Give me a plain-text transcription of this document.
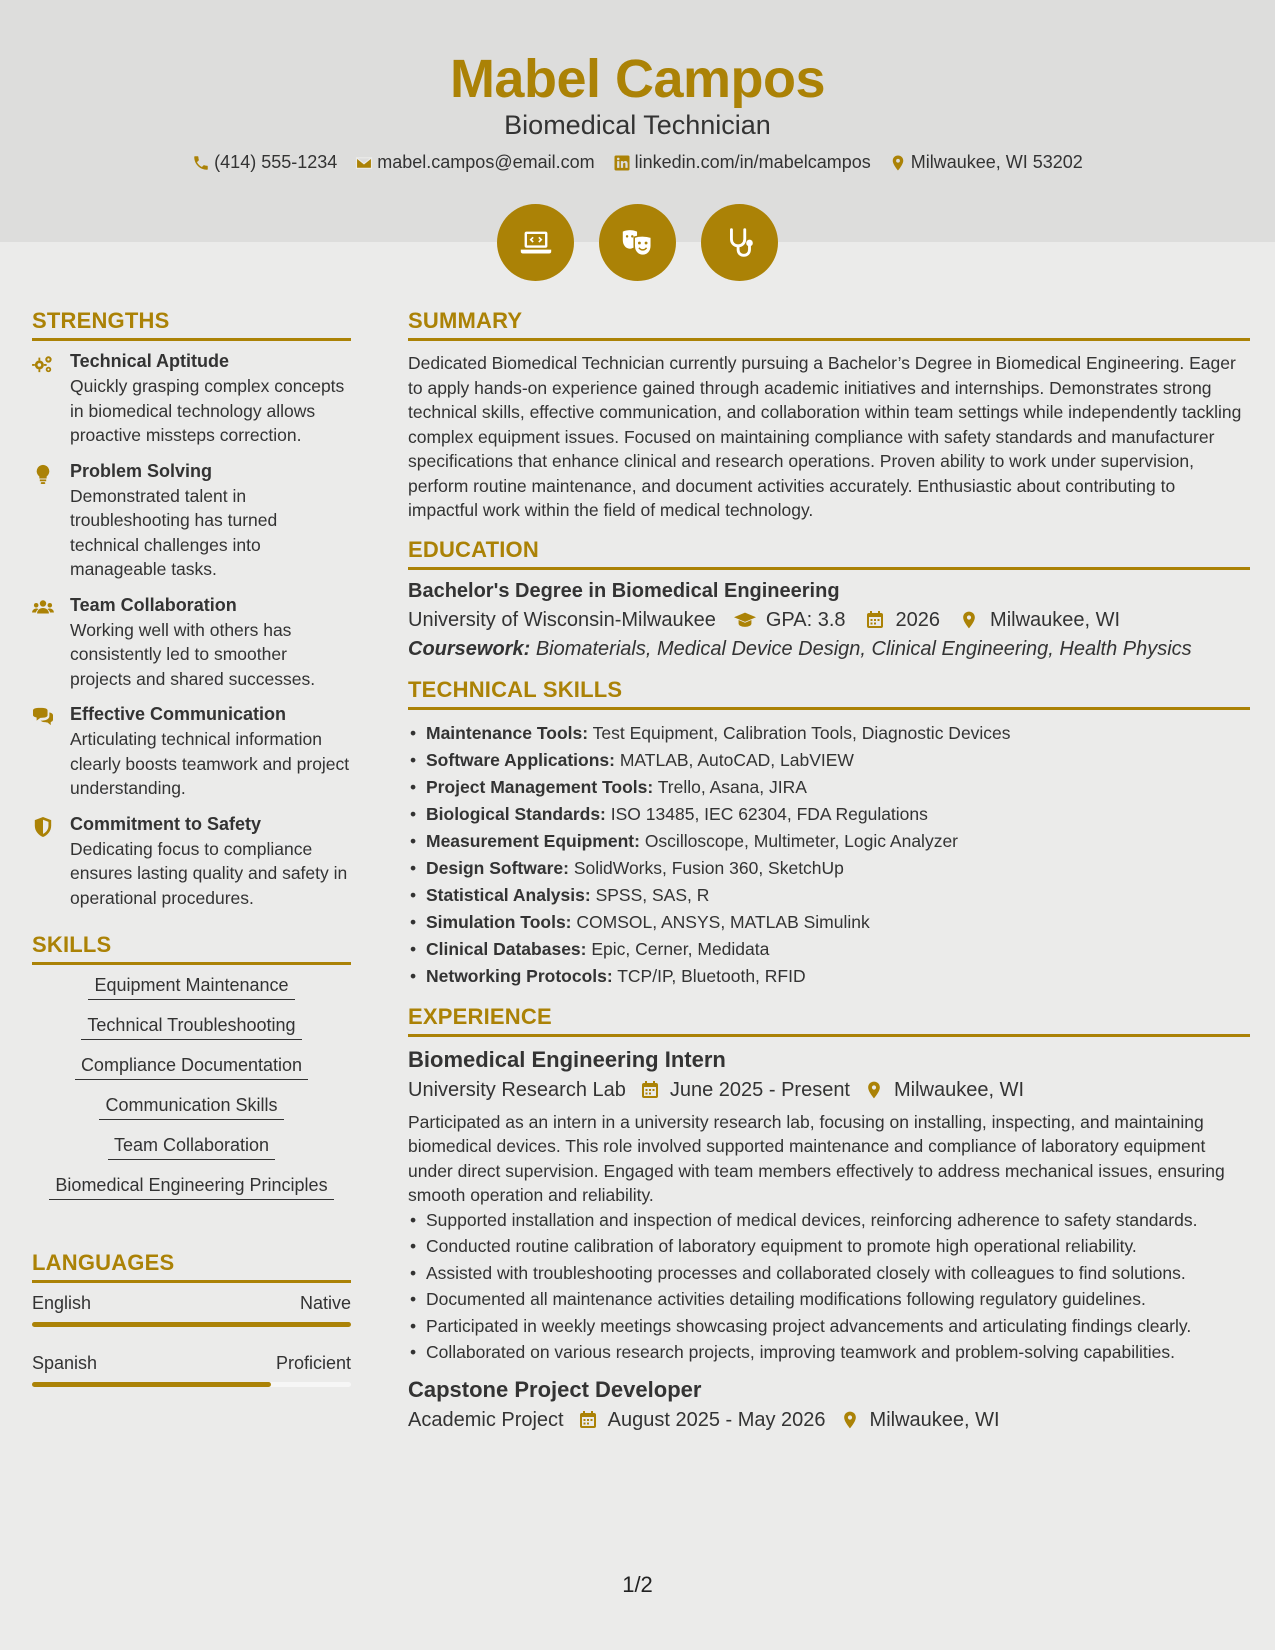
Mabel Campos
Biomedical Technician
(414) 555-1234 mabel.campos@email.com linkedin.com/in/mabelcampos Milwaukee, WI 53202
STRENGTHS
Technical Aptitude
Quickly grasping complex concepts in biomedical technology allows proactive missteps correction.
Problem Solving
Demonstrated talent in troubleshooting has turned technical challenges into manageable tasks.
Team Collaboration
Working well with others has consistently led to smoother projects and shared successes.
Effective Communication
Articulating technical information clearly boosts teamwork and project understanding.
Commitment to Safety
Dedicating focus to compliance ensures lasting quality and safety in operational procedures.
SKILLS
Equipment Maintenance
Technical Troubleshooting
Compliance Documentation
Communication Skills
Team Collaboration
Biomedical Engineering Principles
LANGUAGES
English	Native
Spanish	Proficient
SUMMARY
Dedicated Biomedical Technician currently pursuing a Bachelor’s Degree in Biomedical Engineering. Eager to apply hands-on experience gained through academic initiatives and internships. Demonstrates strong technical skills, effective communication, and collaboration within team settings while independently tackling complex equipment issues. Focused on maintaining compliance with safety standards and manufacturer specifications that enhance clinical and research operations. Proven ability to work under supervision, perform routine maintenance, and document activities accurately. Enthusiastic about contributing to impactful work within the field of medical technology.
EDUCATION
Bachelor's Degree in Biomedical Engineering
University of Wisconsin-Milwaukee	GPA: 3.8	2026	Milwaukee, WI
Coursework: Biomaterials, Medical Device Design, Clinical Engineering, Health Physics
TECHNICAL SKILLS
• Maintenance Tools: Test Equipment, Calibration Tools, Diagnostic Devices
• Software Applications: MATLAB, AutoCAD, LabVIEW
• Project Management Tools: Trello, Asana, JIRA
• Biological Standards: ISO 13485, IEC 62304, FDA Regulations
• Measurement Equipment: Oscilloscope, Multimeter, Logic Analyzer
• Design Software: SolidWorks, Fusion 360, SketchUp
• Statistical Analysis: SPSS, SAS, R
• Simulation Tools: COMSOL, ANSYS, MATLAB Simulink
• Clinical Databases: Epic, Cerner, Medidata
• Networking Protocols: TCP/IP, Bluetooth, RFID
EXPERIENCE
Biomedical Engineering Intern
University Research Lab June 2025 - Present Milwaukee, WI
Participated as an intern in a university research lab, focusing on installing, inspecting, and maintaining biomedical devices. This role involved supported maintenance and compliance of laboratory equipment under direct supervision. Engaged with team members effectively to address mechanical issues, ensuring smooth operation and reliability.
• Supported installation and inspection of medical devices, reinforcing adherence to safety standards.
• Conducted routine calibration of laboratory equipment to promote high operational reliability.
• Assisted with troubleshooting processes and collaborated closely with colleagues to find solutions.
• Documented all maintenance activities detailing modifications following regulatory guidelines.
• Participated in weekly meetings showcasing project advancements and articulating findings clearly.
• Collaborated on various research projects, improving teamwork and problem-solving capabilities.
Capstone Project Developer
Academic Project August 2025 - May 2026 Milwaukee, WI
1/2
